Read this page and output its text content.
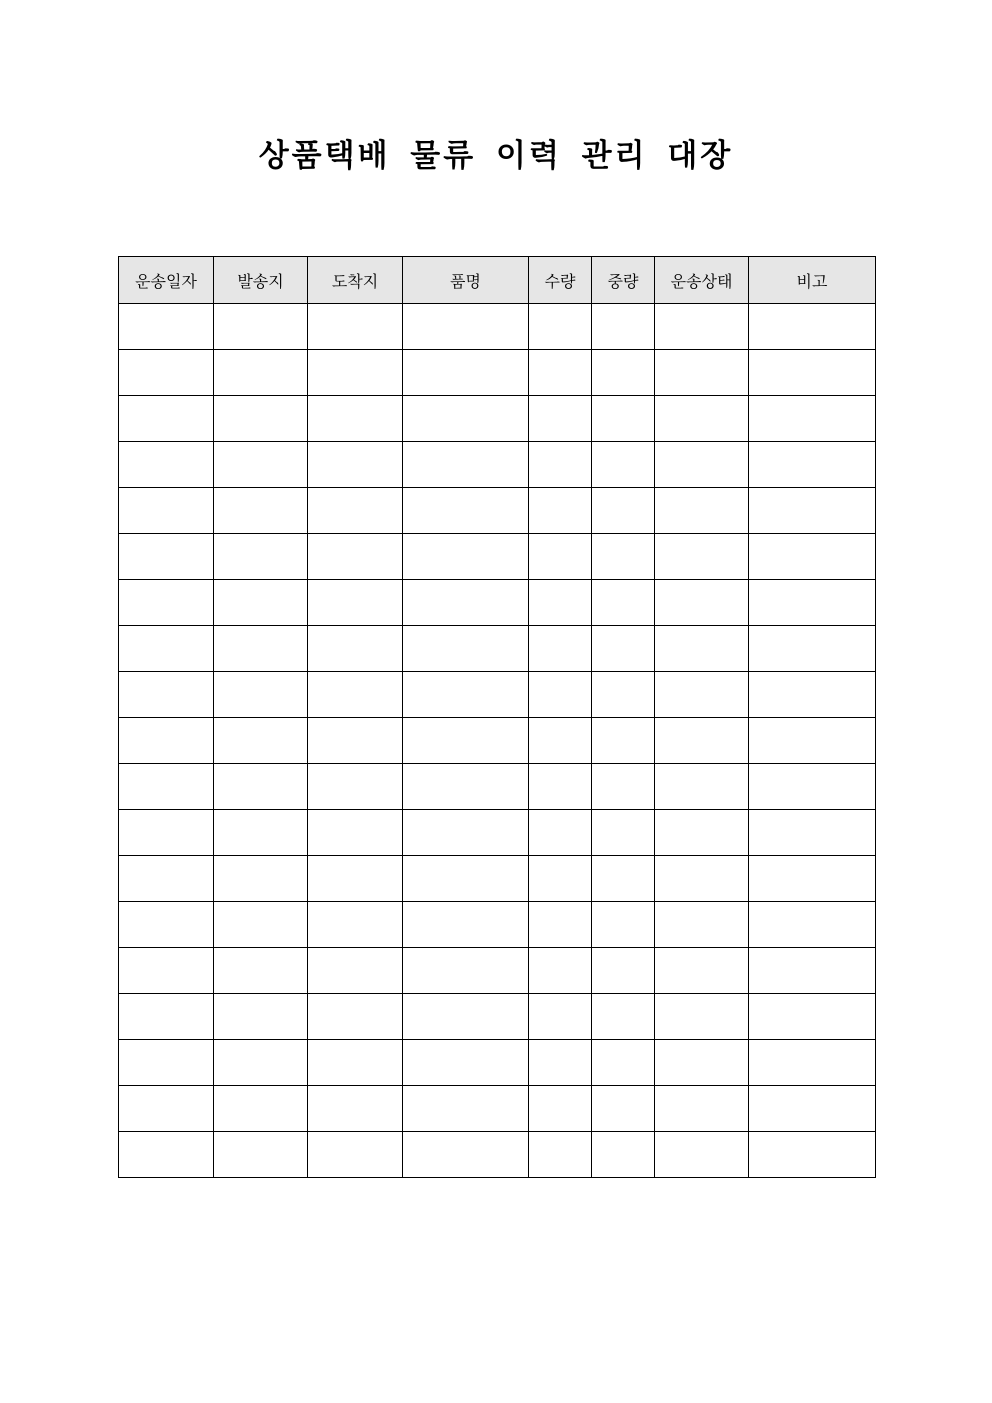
상품택배 물류 이력 관리 대장
운송일자	발송지	도착지	품명	수량	중량	운송상태	비고
